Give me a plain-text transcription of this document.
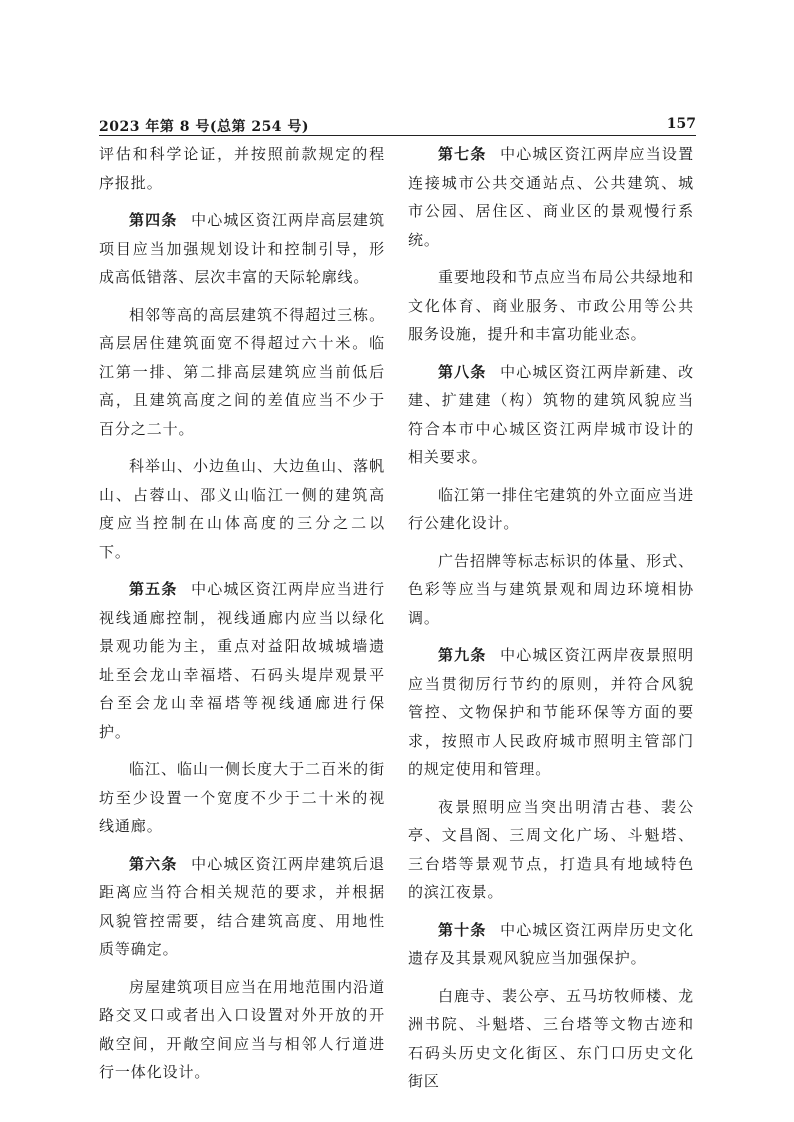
2023 年第 8 号(总第 254 号)	157

评估和科学论证，并按照前款规定的程序报批。

第四条 中心城区资江两岸高层建筑项目应当加强规划设计和控制引导，形成高低错落、层次丰富的天际轮廓线。

相邻等高的高层建筑不得超过三栋。高层居住建筑面宽不得超过六十米。临江第一排、第二排高层建筑应当前低后高，且建筑高度之间的差值应当不少于百分之二十。

科举山、小边鱼山、大边鱼山、落帆山、占蓉山、邵义山临江一侧的建筑高度应当控制在山体高度的三分之二以下。

第五条 中心城区资江两岸应当进行视线通廊控制，视线通廊内应当以绿化景观功能为主，重点对益阳故城城墙遗址至会龙山幸福塔、石码头堤岸观景平台至会龙山幸福塔等视线通廊进行保护。

临江、临山一侧长度大于二百米的街坊至少设置一个宽度不少于二十米的视线通廊。

第六条 中心城区资江两岸建筑后退距离应当符合相关规范的要求，并根据风貌管控需要，结合建筑高度、用地性质等确定。

房屋建筑项目应当在用地范围内沿道路交叉口或者出入口设置对外开放的开敞空间，开敞空间应当与相邻人行道进行一体化设计。

第七条 中心城区资江两岸应当设置连接城市公共交通站点、公共建筑、城市公园、居住区、商业区的景观慢行系统。

重要地段和节点应当布局公共绿地和文化体育、商业服务、市政公用等公共服务设施，提升和丰富功能业态。

第八条 中心城区资江两岸新建、改建、扩建建（构）筑物的建筑风貌应当符合本市中心城区资江两岸城市设计的相关要求。

临江第一排住宅建筑的外立面应当进行公建化设计。

广告招牌等标志标识的体量、形式、色彩等应当与建筑景观和周边环境相协调。

第九条 中心城区资江两岸夜景照明应当贯彻厉行节约的原则，并符合风貌管控、文物保护和节能环保等方面的要求，按照市人民政府城市照明主管部门的规定使用和管理。

夜景照明应当突出明清古巷、裴公亭、文昌阁、三周文化广场、斗魁塔、三台塔等景观节点，打造具有地域特色的滨江夜景。

第十条 中心城区资江两岸历史文化遗存及其景观风貌应当加强保护。

白鹿寺、裴公亭、五马坊牧师楼、龙洲书院、斗魁塔、三台塔等文物古迹和石码头历史文化街区、东门口历史文化街区
